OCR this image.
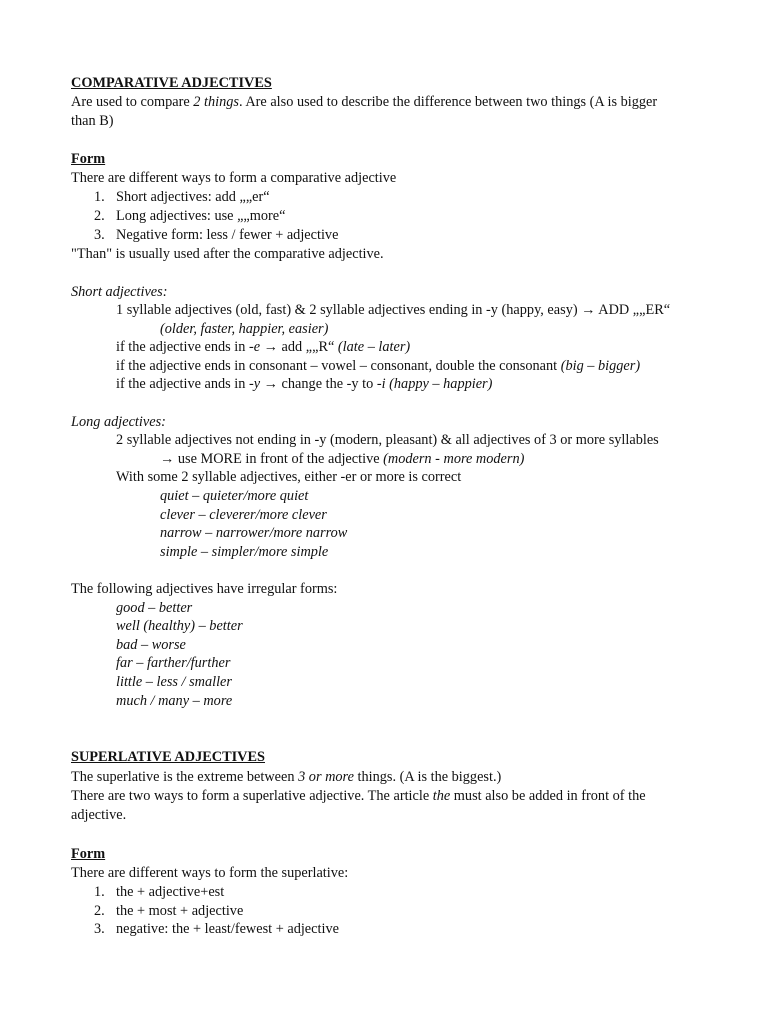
COMPARATIVE ADJECTIVES
Are used to compare 2 things. Are also used to describe the difference between two things (A is bigger
than B)
Form
There are different ways to form a comparative adjective
1. Short adjectives: add „„er“
2. Long adjectives: use „„more“
3. Negative form: less / fewer + adjective
"Than" is usually used after the comparative adjective.
Short adjectives:
1 syllable adjectives (old, fast) & 2 syllable adjectives ending in -y (happy, easy) → ADD „„ER“
(older, faster, happier, easier)
if the adjective ends in -e → add „„R“ (late – later)
if the adjective ends in consonant – vowel – consonant, double the consonant (big – bigger)
if the adjective ands in -y → change the -y to -i (happy – happier)
Long adjectives:
2 syllable adjectives not ending in -y (modern, pleasant) & all adjectives of 3 or more syllables
→ use MORE in front of the adjective (modern - more modern)
With some 2 syllable adjectives, either -er or more is correct
quiet – quieter/more quiet
clever – cleverer/more clever
narrow – narrower/more narrow
simple – simpler/more simple
The following adjectives have irregular forms:
good – better
well (healthy) – better
bad – worse
far – farther/further
little – less / smaller
much / many – more
SUPERLATIVE ADJECTIVES
The superlative is the extreme between 3 or more things. (A is the biggest.)
There are two ways to form a superlative adjective. The article the must also be added in front of the
adjective.
Form
There are different ways to form the superlative:
1. the + adjective+est
2. the + most + adjective
3. negative: the + least/fewest + adjective
